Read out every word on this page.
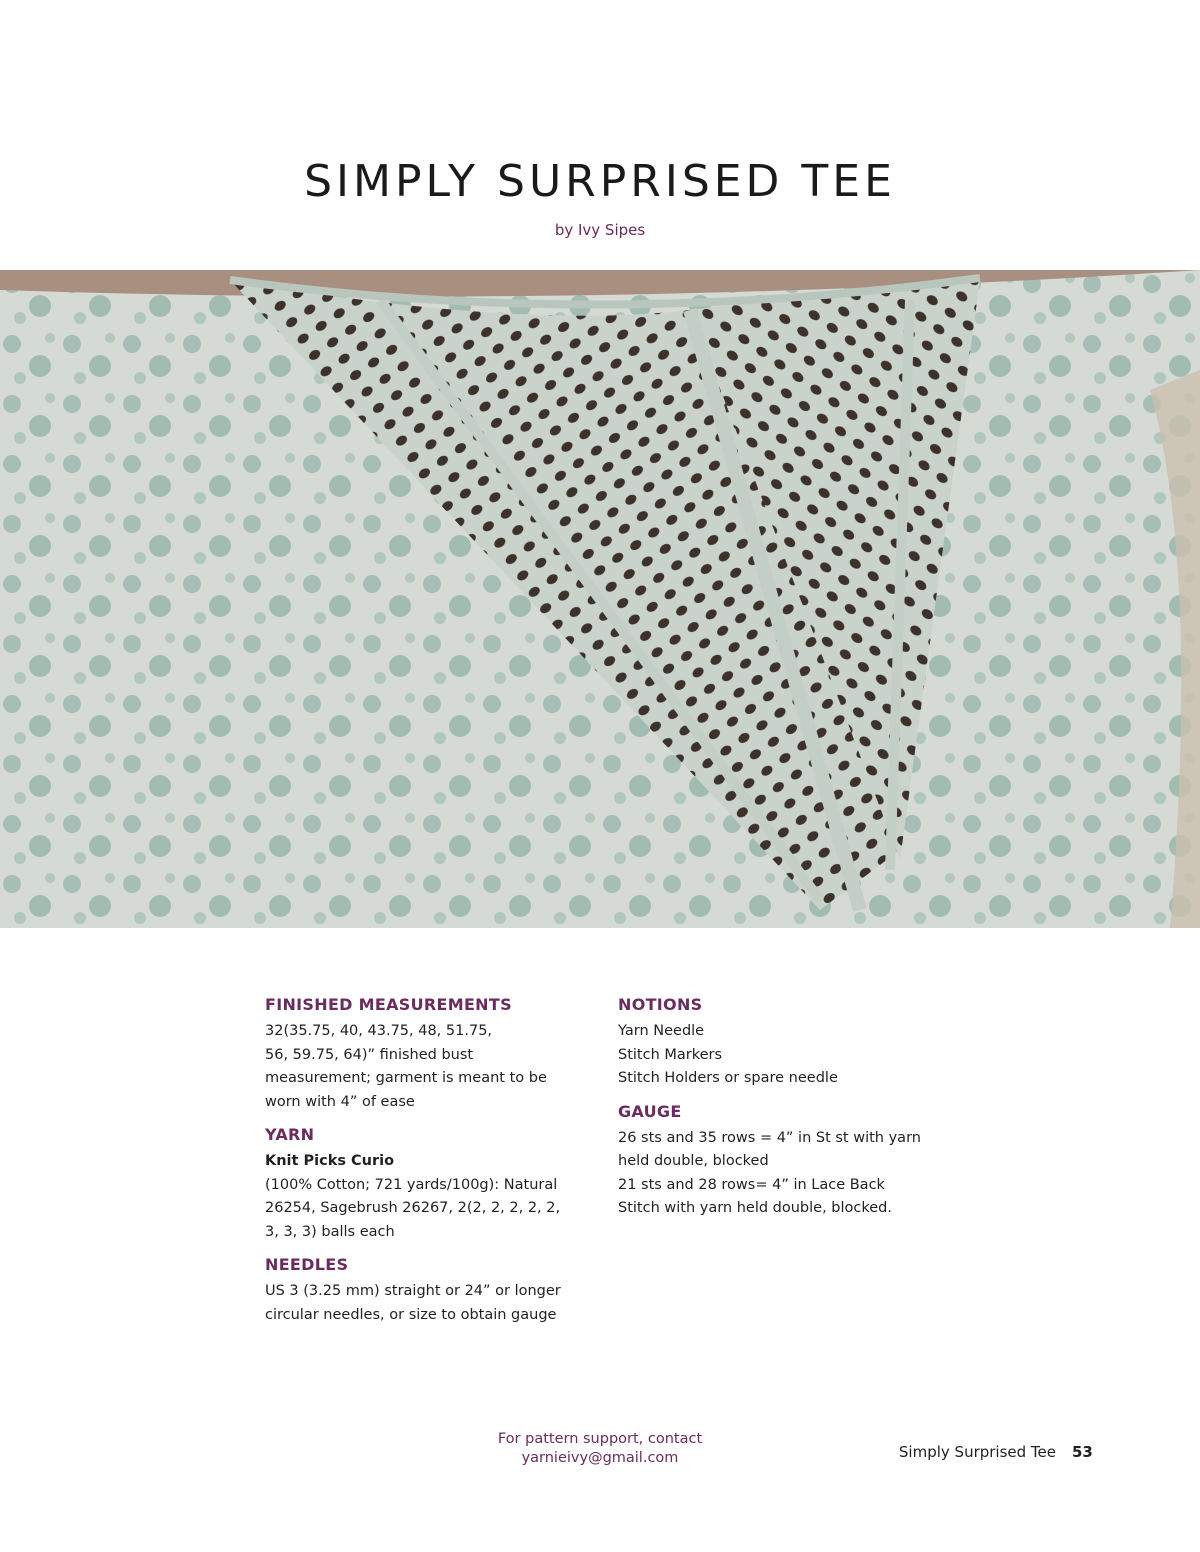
SIMPLY SURPRISED TEE
by Ivy Sipes
FINISHED MEASUREMENTS

32(35.75, 40, 43.75, 48, 51.75,

56, 59.75, 64)” finished bust

measurement; garment is meant to be

worn with 4” of ease

YARN
Knit Picks Curio

(100% Cotton; 721 yards/100g): Natural

26254, Sagebrush 26267, 2(2, 2, 2, 2, 2,

3, 3, 3) balls each

NEEDLES

US 3 (3.25 mm) straight or 24” or longer

circular needles, or size to obtain gauge

NOTIONS

Yarn Needle

Stitch Markers

Stitch Holders or spare needle

GAUGE

26 sts and 35 rows = 4” in St st with yarn

held double, blocked

21 sts and 28 rows= 4” in Lace Back

Stitch with yarn held double, blocked.

For pattern support, contact
yarnieivy@gmail.com	Simply Surprised Tee 53
